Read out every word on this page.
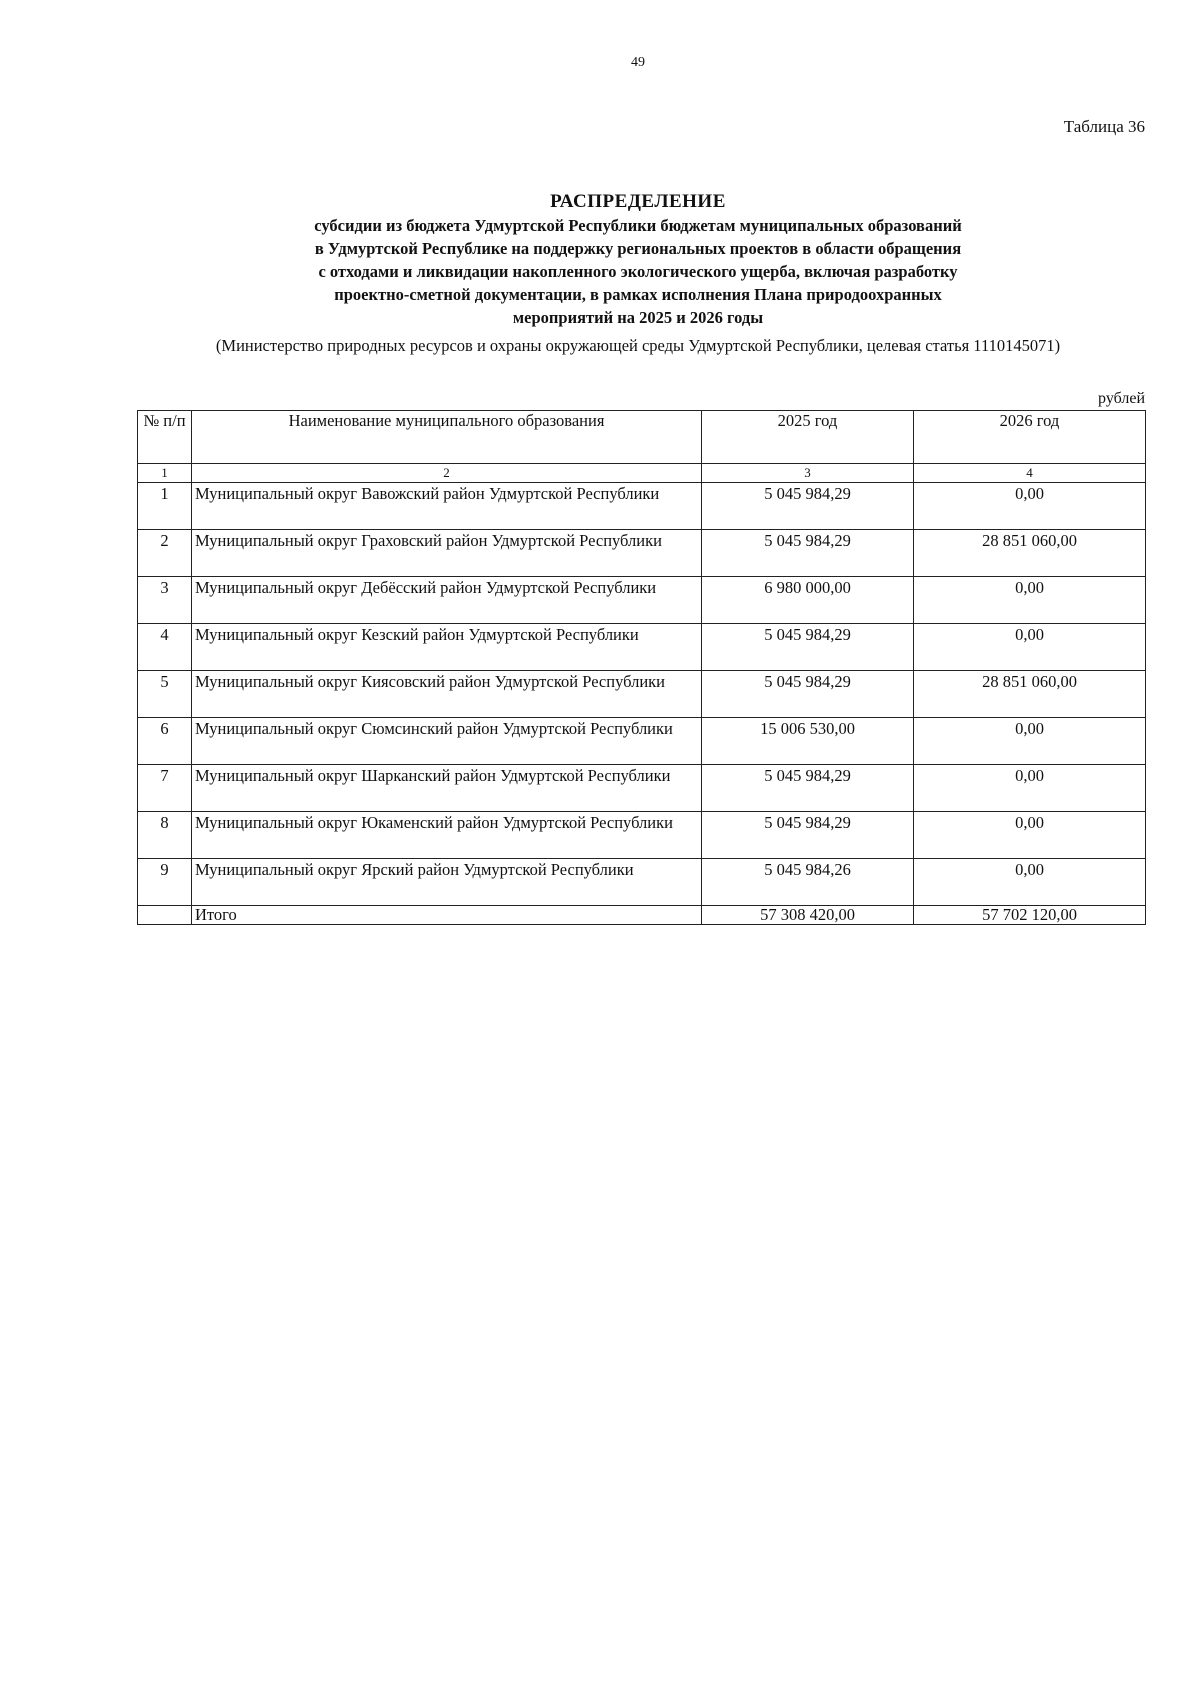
49
Таблица 36
РАСПРЕДЕЛЕНИЕ
субсидии из бюджета Удмуртской Республики бюджетам муниципальных образований
в Удмуртской Республике на поддержку региональных проектов в области обращения
с отходами и ликвидации накопленного экологического ущерба, включая разработку
проектно-сметной документации, в рамках исполнения Плана природоохранных
мероприятий на 2025 и 2026 годы
(Министерство природных ресурсов и охраны окружающей среды Удмуртской Республики, целевая статья 1110145071)
рублей
№ п/п	Наименование муниципального образования	2025 год	2026 год
1	2	3	4
1	Муниципальный округ Вавожский район Удмуртской Республики	5 045 984,29	0,00
2	Муниципальный округ Граховский район Удмуртской Республики	5 045 984,29	28 851 060,00
3	Муниципальный округ Дебёсский район Удмуртской Республики	6 980 000,00	0,00
4	Муниципальный округ Кезский район Удмуртской Республики	5 045 984,29	0,00
5	Муниципальный округ Киясовский район Удмуртской Республики	5 045 984,29	28 851 060,00
6	Муниципальный округ Сюмсинский район Удмуртской Республики	15 006 530,00	0,00
7	Муниципальный округ Шарканский район Удмуртской Республики	5 045 984,29	0,00
8	Муниципальный округ Юкаменский район Удмуртской Республики	5 045 984,29	0,00
9	Муниципальный округ Ярский район Удмуртской Республики	5 045 984,26	0,00
	Итого	57 308 420,00	57 702 120,00
